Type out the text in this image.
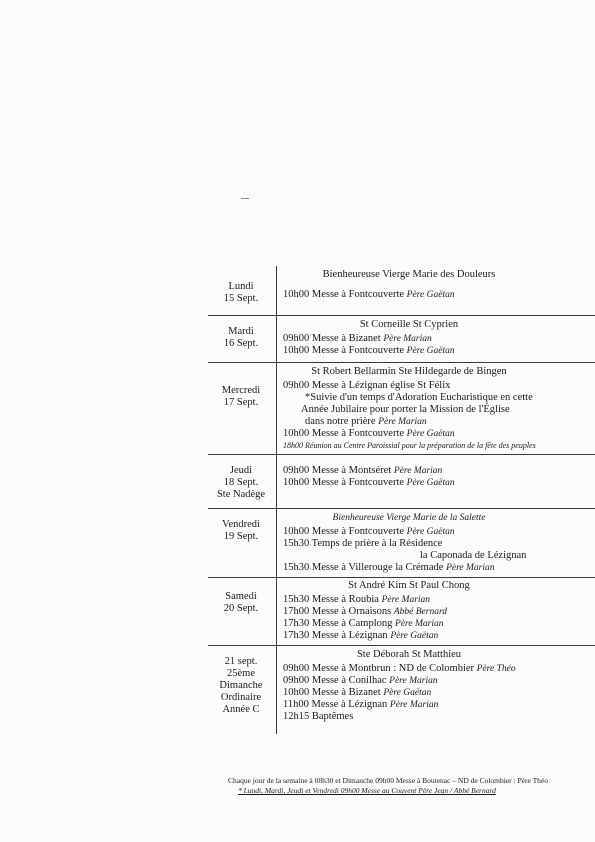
Lundi
15 Sept.
Bienheureuse Vierge Marie des Douleurs
10h00 Messe à Fontcouverte Père Gaëtan
Mardi
16 Sept.
St Corneille St Cyprien
09h00 Messe à Bizanet Père Marian
10h00 Messe à Fontcouverte Père Gaëtan
Mercredi
17 Sept.
St Robert Bellarmin Ste Hildegarde de Bingen
09h00 Messe à Lézignan église St Félix
*Suivie d'un temps d'Adoration Eucharistique en cette
Année Jubilaire pour porter la Mission de l'Église
dans notre prière Père Marian
10h00 Messe à Fontcouverte Père Gaëtan
18h00 Réunion au Centre Paroissial pour la préparation de la fête des peuples
Jeudi
18 Sept.
Ste Nadège
09h00 Messe à Montséret Père Marian
10h00 Messe à Fontcouverte Père Gaëtan
Vendredi
19 Sept.
Bienheureuse Vierge Marie de la Salette
10h00 Messe à Fontcouverte Père Gaëtan
15h30 Temps de prière à la Résidence
la Caponada de Lézignan
15h30 Messe à Villerouge la Crémade Père Marian
Samedi
20 Sept.
St André Kim St Paul Chong
15h30 Messe à Roubia Père Marian
17h00 Messe à Ornaisons Abbé Bernard
17h30 Messe à Camplong Père Marian
17h30 Messe à Lézignan Père Gaëtan
21 sept.
25ème
Dimanche
Ordinaire
Année C
Ste Déborah St Matthieu
09h00 Messe à Montbrun : ND de Colombier Père Théo
09h00 Messe à Conilhac Père Marian
10h00 Messe à Bizanet Père Gaëtan
11h00 Messe à Lézignan Père Marian
12h15 Baptêmes
Chaque jour de la semaine à 08h30 et Dimanche 09h00 Messe à Boutenac – ND de Colombier : Père Théo
* Lundi, Mardi, Jeudi et Vendredi 09h00 Messe au Couvent Père Jean / Abbé Bernard
